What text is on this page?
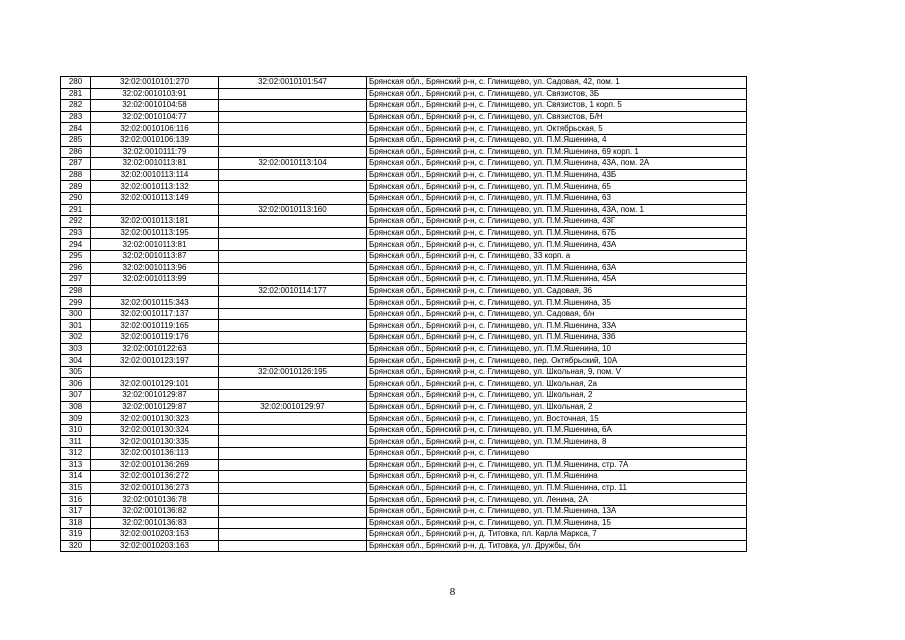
280	32:02:0010101:270	32:02:0010101:547	Брянская обл., Брянский р-н, с. Глинищево, ул. Садовая, 42, пом. 1
281	32:02:0010103:91		Брянская обл., Брянский р-н, с. Глинищево, ул. Связистов, 3Б
282	32:02:0010104:58		Брянская обл., Брянский р-н, с. Глинищево, ул. Связистов, 1 корп. 5
283	32:02:0010104:77		Брянская обл., Брянский р-н, с. Глинищево, ул. Связистов, Б/Н
284	32:02:0010106:116		Брянская обл., Брянский р-н, с. Глинищево, ул. Октябрьская, 5
285	32:02:0010106:139		Брянская обл., Брянский р-н, с. Глинищево, ул. П.М.Яшенина, 4
286	32:02:0010111:79		Брянская обл., Брянский р-н, с. Глинищево, ул. П.М.Яшенина, 69 корп. 1
287	32:02:0010113:81	32:02:0010113:104	Брянская обл., Брянский р-н, с. Глинищево, ул. П.М.Яшенина, 43А, пом. 2А
288	32:02:0010113:114		Брянская обл., Брянский р-н, с. Глинищево, ул. П.М.Яшенина, 43Б
289	32:02:0010113:132		Брянская обл., Брянский р-н, с. Глинищево, ул. П.М.Яшенина, 65
290	32:02:0010113:149		Брянская обл., Брянский р-н, с. Глинищево, ул. П.М.Яшенина, 63
291		32:02:0010113:160	Брянская обл., Брянский р-н, с. Глинищево, ул. П.М.Яшенина, 43А, пом. 1
292	32:02:0010113:181		Брянская обл., Брянский р-н, с. Глинищево, ул. П.М.Яшенина, 43Г
293	32:02:0010113:195		Брянская обл., Брянский р-н, с. Глинищево, ул. П.М.Яшенина, 67Б
294	32:02:0010113:81		Брянская обл., Брянский р-н, с. Глинищево, ул. П.М.Яшенина, 43А
295	32:02:0010113:87		Брянская обл., Брянский р-н, с. Глинищево, 33 корп. а
296	32:02:0010113:96		Брянская обл., Брянский р-н, с. Глинищево, ул. П.М.Яшенина, 63А
297	32:02:0010113:99		Брянская обл., Брянский р-н, с. Глинищево, ул. П.М.Яшенина, 45А
298		32:02:0010114:177	Брянская обл., Брянский р-н, с. Глинищево, ул. Садовая, 36
299	32:02:0010115:343		Брянская обл., Брянский р-н, с. Глинищево, ул. П.М.Яшенина, 35
300	32:02:0010117:137		Брянская обл., Брянский р-н, с. Глинищево, ул. Садовая, б/н
301	32:02:0010119:165		Брянская обл., Брянский р-н, с. Глинищево, ул. П.М.Яшенина, 33А
302	32:02:0010119:176		Брянская обл., Брянский р-н, с. Глинищево, ул. П.М.Яшенина, 33б
303	32:02:0010122:63		Брянская обл., Брянский р-н, с. Глинищево, ул. П.М.Яшенина, 10
304	32:02:0010123:197		Брянская обл., Брянский р-н, с. Глинищево, пер. Октябрьский, 10А
305		32:02:0010126:195	Брянская обл., Брянский р-н, с. Глинищево, ул. Школьная, 9, пом. V
306	32:02:0010129:101		Брянская обл., Брянский р-н, с. Глинищево, ул. Школьная, 2а
307	32:02:0010129:87		Брянская обл., Брянский р-н, с. Глинищево, ул. Школьная, 2
308	32:02:0010129:87	32:02:0010129:97	Брянская обл., Брянский р-н, с. Глинищево, ул. Школьная, 2
309	32:02:0010130:323		Брянская обл., Брянский р-н, с. Глинищево, ул. Восточная, 15
310	32:02:0010130:324		Брянская обл., Брянский р-н, с. Глинищево, ул. П.М.Яшенина, 6А
311	32:02:0010130:335		Брянская обл., Брянский р-н, с. Глинищево, ул. П.М.Яшенина, 8
312	32:02:0010136:113		Брянская обл., Брянский р-н, с. Глинищево
313	32:02:0010136:269		Брянская обл., Брянский р-н, с. Глинищево, ул. П.М.Яшенина, стр. 7А
314	32:02:0010136:272		Брянская обл., Брянский р-н, с. Глинищево, ул. П.М.Яшенина
315	32:02:0010136:273		Брянская обл., Брянский р-н, с. Глинищево, ул. П.М.Яшенина, стр. 11
316	32:02:0010136:78		Брянская обл., Брянский р-н, с. Глинищево, ул. Ленина, 2А
317	32:02:0010136:82		Брянская обл., Брянский р-н, с. Глинищево, ул. П.М.Яшенина, 13А
318	32:02:0010136:83		Брянская обл., Брянский р-н, с. Глинищево, ул. П.М.Яшенина, 15
319	32:02:0010203:153		Брянская обл., Брянский р-н, д. Титовка, пл. Карла Маркса, 7
320	32:02:0010203:163		Брянская обл., Брянский р-н, д. Титовка, ул. Дружбы, б/н
8
